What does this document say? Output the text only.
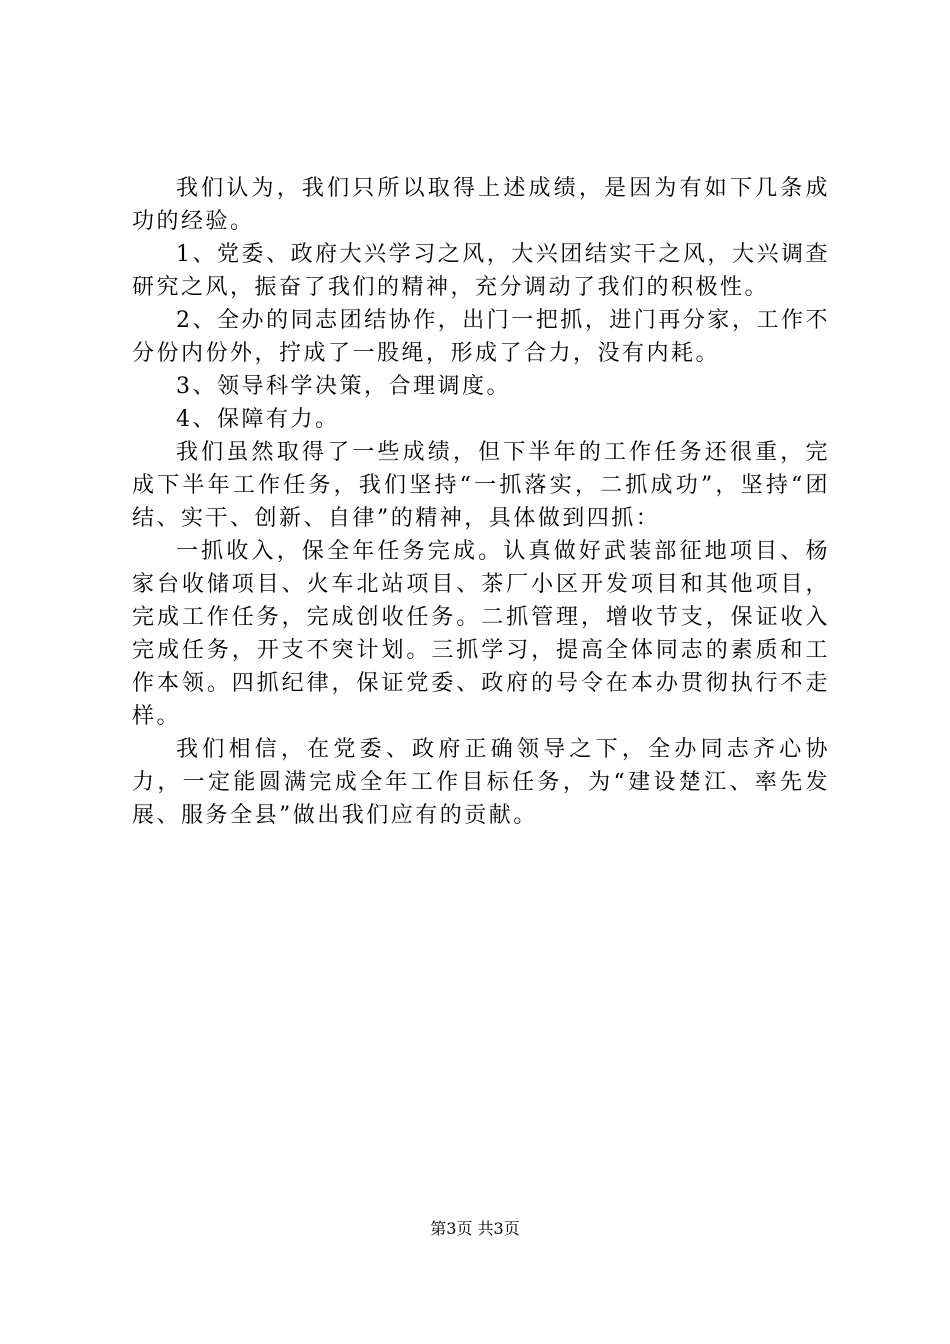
我们认为，我们只所以取得上述成绩，是因为有如下几条成功的经验。

1、党委、政府大兴学习之风，大兴团结实干之风，大兴调查研究之风，振奋了我们的精神，充分调动了我们的积极性。

2、全办的同志团结协作，出门一把抓，进门再分家，工作不分份内份外，拧成了一股绳，形成了合力，没有内耗。

3、领导科学决策，合理调度。

4、保障有力。

我们虽然取得了一些成绩，但下半年的工作任务还很重，完成下半年工作任务，我们坚持“一抓落实，二抓成功”，坚持“团结、实干、创新、自律”的精神，具体做到四抓：

一抓收入，保全年任务完成。认真做好武装部征地项目、杨家台收储项目、火车北站项目、茶厂小区开发项目和其他项目，完成工作任务，完成创收任务。二抓管理，增收节支，保证收入完成任务，开支不突计划。三抓学习，提高全体同志的素质和工作本领。四抓纪律，保证党委、政府的号令在本办贯彻执行不走样。

我们相信，在党委、政府正确领导之下，全办同志齐心协力，一定能圆满完成全年工作目标任务，为“建设楚江、率先发展、服务全县”做出我们应有的贡献。

第3页 共3页
